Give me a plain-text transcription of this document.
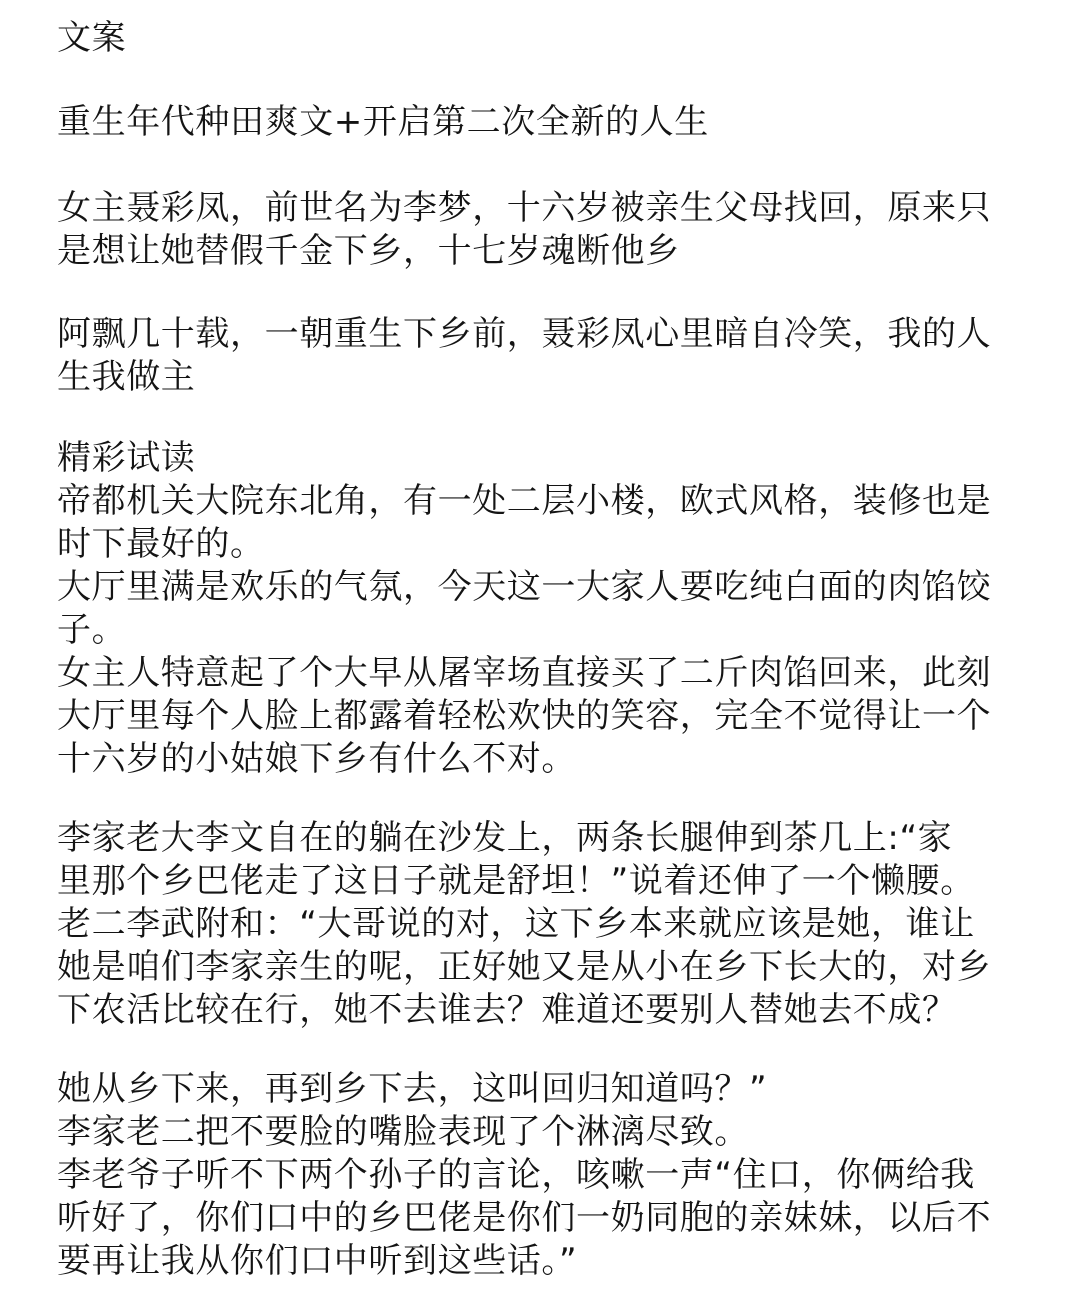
文案

重生年代种田爽文+开启第二次全新的人生

女主聂彩凤，前世名为李梦，十六岁被亲生父母找回，原来只

是想让她替假千金下乡，十七岁魂断他乡

阿飘几十载，一朝重生下乡前，聂彩凤心里暗自冷笑，我的人

生我做主

精彩试读

帝都机关大院东北角，有一处二层小楼，欧式风格，装修也是

时下最好的。

大厅里满是欢乐的气氛，今天这一大家人要吃纯白面的肉馅饺

子。

女主人特意起了个大早从屠宰场直接买了二斤肉馅回来，此刻

大厅里每个人脸上都露着轻松欢快的笑容，完全不觉得让一个

十六岁的小姑娘下乡有什么不对。

李家老大李文自在的躺在沙发上，两条长腿伸到茶几上:“家

里那个乡巴佬走了这日子就是舒坦！”说着还伸了一个懒腰。

老二李武附和：“大哥说的对，这下乡本来就应该是她，谁让

她是咱们李家亲生的呢，正好她又是从小在乡下长大的，对乡

下农活比较在行，她不去谁去？难道还要别人替她去不成？

她从乡下来，再到乡下去，这叫回归知道吗？”

李家老二把不要脸的嘴脸表现了个淋漓尽致。

李老爷子听不下两个孙子的言论，咳嗽一声“住口，你俩给我

听好了，你们口中的乡巴佬是你们一奶同胞的亲妹妹，以后不

要再让我从你们口中听到这些话。”
